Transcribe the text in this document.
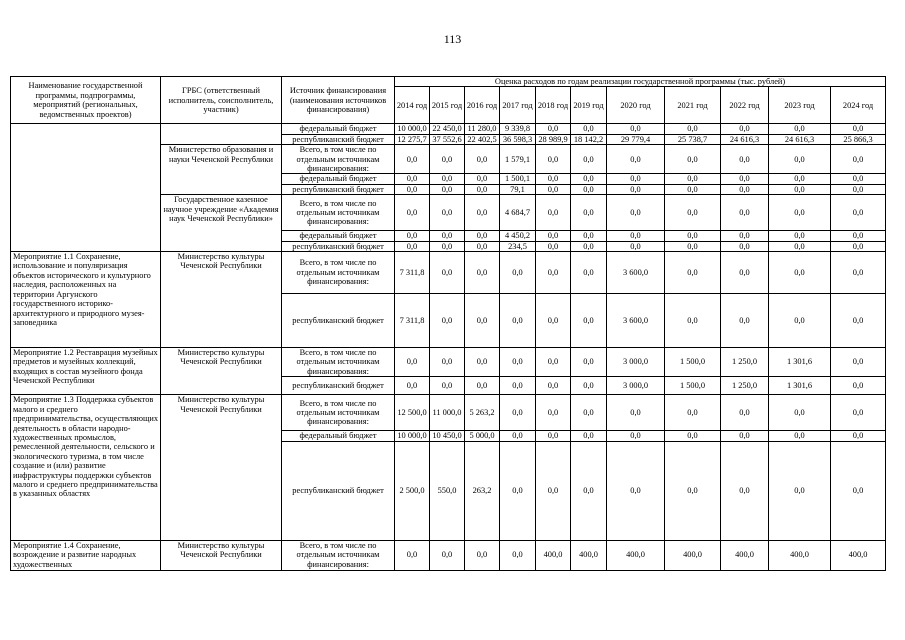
113
Наименование государственной программы, подпрограммы, мероприятий (региональных, ведомственных проектов)	ГРБС (ответственный исполнитель, соисполнитель, участник)	Источник финансирования (наименования источников финансирования)	Оценка расходов по годам реализации государственной программы (тыс. рублей)										
			2014 год	2015 год	2016 год	2017 год	2018 год	2019 год	2020 год	2021 год	2022 год	2023 год	2024 год
		федеральный бюджет	10 000,0	22 450,0	11 280,0	9 339,8	0,0	0,0	0,0	0,0	0,0	0,0	0,0
		республиканский бюджет	12 275,7	37 552,6	22 402,5	36 598,3	28 989,9	18 142,2	29 779,4	25 738,7	24 616,3	24 616,3	25 866,3
	Министерство образования и науки Чеченской Республики	Всего, в том числе по отдельным источникам финансирования:	0,0	0,0	0,0	1 579,1	0,0	0,0	0,0	0,0	0,0	0,0	0,0
		федеральный бюджет	0,0	0,0	0,0	1 500,1	0,0	0,0	0,0	0,0	0,0	0,0	0,0
		республиканский бюджет	0,0	0,0	0,0	79,1	0,0	0,0	0,0	0,0	0,0	0,0	0,0
	Государственное казенное научное учреждение «Академия наук Чеченской Республики»	Всего, в том числе по отдельным источникам финансирования:	0,0	0,0	0,0	4 684,7	0,0	0,0	0,0	0,0	0,0	0,0	0,0
		федеральный бюджет	0,0	0,0	0,0	4 450,2	0,0	0,0	0,0	0,0	0,0	0,0	0,0
		республиканский бюджет	0,0	0,0	0,0	234,5	0,0	0,0	0,0	0,0	0,0	0,0	0,0
Мероприятие 1.1 Сохранение, использование и популяризация объектов исторического и культурного наследия, расположенных на территории Аргунского государственного историко-архитектурного и природного музея-заповедника	Министерство культуры Чеченской Республики	Всего, в том числе по отдельным источникам финансирования:	7 311,8	0,0	0,0	0,0	0,0	0,0	3 600,0	0,0	0,0	0,0	0,0
		республиканский бюджет	7 311,8	0,0	0,0	0,0	0,0	0,0	3 600,0	0,0	0,0	0,0	0,0
Мероприятие 1.2 Реставрация музейных предметов и музейных коллекций, входящих в состав музейного фонда Чеченской Республики	Министерство культуры Чеченской Республики	Всего, в том числе по отдельным источникам финансирования:	0,0	0,0	0,0	0,0	0,0	0,0	3 000,0	1 500,0	1 250,0	1 301,6	0,0
		республиканский бюджет	0,0	0,0	0,0	0,0	0,0	0,0	3 000,0	1 500,0	1 250,0	1 301,6	0,0
Мероприятие 1.3 Поддержка субъектов малого и среднего предпринимательства, осуществляющих деятельность в области народно-художественных промыслов, ремесленной деятельности, сельского и экологического туризма, в том числе создание и (или) развитие инфраструктуры поддержки субъектов малого и среднего предпринимательства в указанных областях	Министерство культуры Чеченской Республики	Всего, в том числе по отдельным источникам финансирования:	12 500,0	11 000,0	5 263,2	0,0	0,0	0,0	0,0	0,0	0,0	0,0	0,0
		федеральный бюджет	10 000,0	10 450,0	5 000,0	0,0	0,0	0,0	0,0	0,0	0,0	0,0	0,0
		республиканский бюджет	2 500,0	550,0	263,2	0,0	0,0	0,0	0,0	0,0	0,0	0,0	0,0
Мероприятие 1.4 Сохранение, возрождение и развитие народных художественных	Министерство культуры Чеченской Республики	Всего, в том числе по отдельным источникам финансирования:	0,0	0,0	0,0	0,0	400,0	400,0	400,0	400,0	400,0	400,0	400,0
